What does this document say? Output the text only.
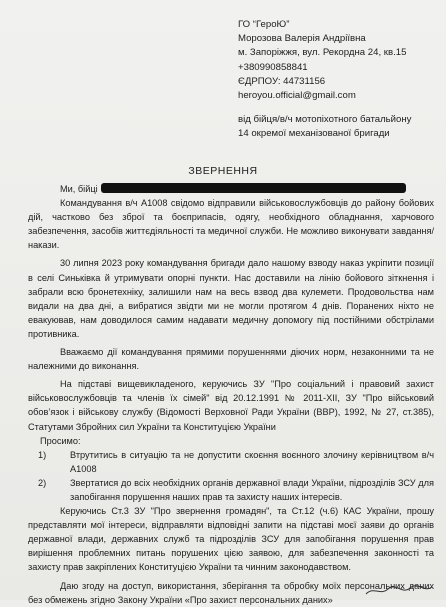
ГО “ГероЮ”
Морозова Валерія Андріївна
м. Запоріжжя, вул. Рекордна 24, кв.15
+380990858841
ЄДРПОУ: 44731156
heroyou.official@gmail.com
від бійця/в/ч мотопіхотного батальйону
14 окремої механізованої бригади
ЗВЕРНЕННЯ

Ми, бійці

Командування в/ч А1008 свідомо відправили військовослужбовців до району бойових дій, частково без зброї та боєприпасів, одягу, необхідного обладнання, харчового забезпечення, засобів життєдіяльності та медичної служби. Не можливо виконувати завдання/накази.

30 липня 2023 року командування бригади дало нашому взводу наказ укріпити позиції в селі Синьківка й утримувати опорні пункти. Нас доставили на лінію бойового зіткнення і забрали всю бронетехніку, залишили нам на весь взвод два кулемети. Продовольства нам видали на два дні, а вибратися звідти ми не могли протягом 4 днів. Поранених ніхто не евакуював, нам доводилося самим надавати медичну допомогу під постійними обстрілами противника.

Вважаємо дії командування прямими порушеннями діючих норм, незаконними та не належними до виконання.

На підставі вищевикладеного, керуючись ЗУ "Про соціальний і правовий захист військовослужбовців та членів їх сімей" від 20.12.1991 № 2011-XII, ЗУ "Про військовий обов’язок і військову службу (Відомості Верховної Ради України (ВВР), 1992, № 27, ст.385), Статутами Збройних сил України та Конституцією України

Просимо:

1)	Втрутитись в ситуацію та не допустити скоєння воєнного злочину керівництвом в/ч А1008
2)	Звертатися до всіх необхідних органів державної влади України, підрозділів ЗСУ для запобігання порушення наших прав та захисту наших інтересів.

Керуючись Ст.3 ЗУ "Про звернення громадян", та Ст.12 (ч.6) КАС України, прошу представляти мої інтереси, відправляти відповідні запити на підставі моєї заяви до органів державної влади, державних служб та підрозділів ЗСУ для запобігання порушення прав вирішення проблемних питань порушених цією заявою, для забезпечення законності та захисту прав закріплених Конституцією України та чинним законодавством.

Даю згоду на доступ, використання, зберігання та обробку моїх персональних даних без обмежень згідно Закону України «Про захист персональних даних»
